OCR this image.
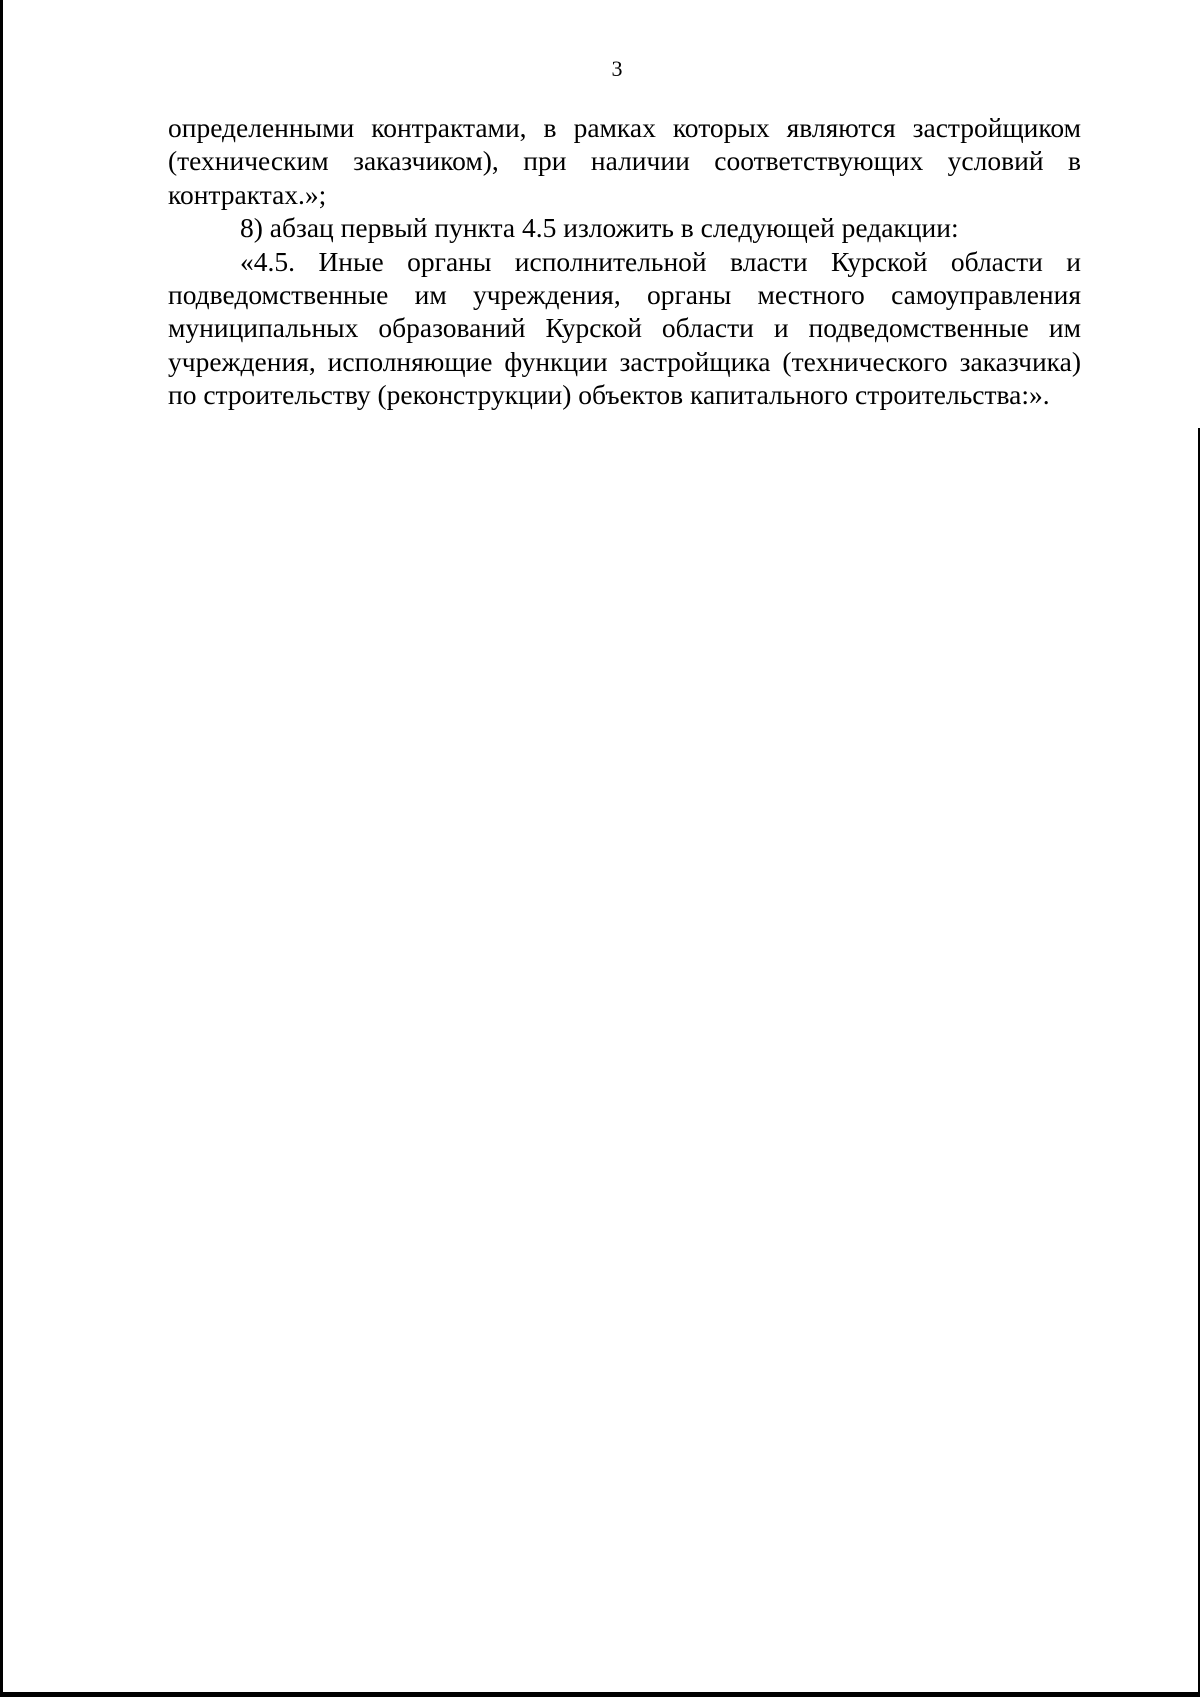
3

определенными контрактами, в рамках которых являются застройщиком (техническим заказчиком), при наличии соответствующих условий в контрактах.»;

8) абзац первый пункта 4.5 изложить в следующей редакции:

«4.5. Иные органы исполнительной власти Курской области и подведомственные им учреждения, органы местного самоуправления муниципальных образований Курской области и подведомственные им учреждения, исполняющие функции застройщика (технического заказчика) по строительству (реконструкции) объектов капитального строительства:».
